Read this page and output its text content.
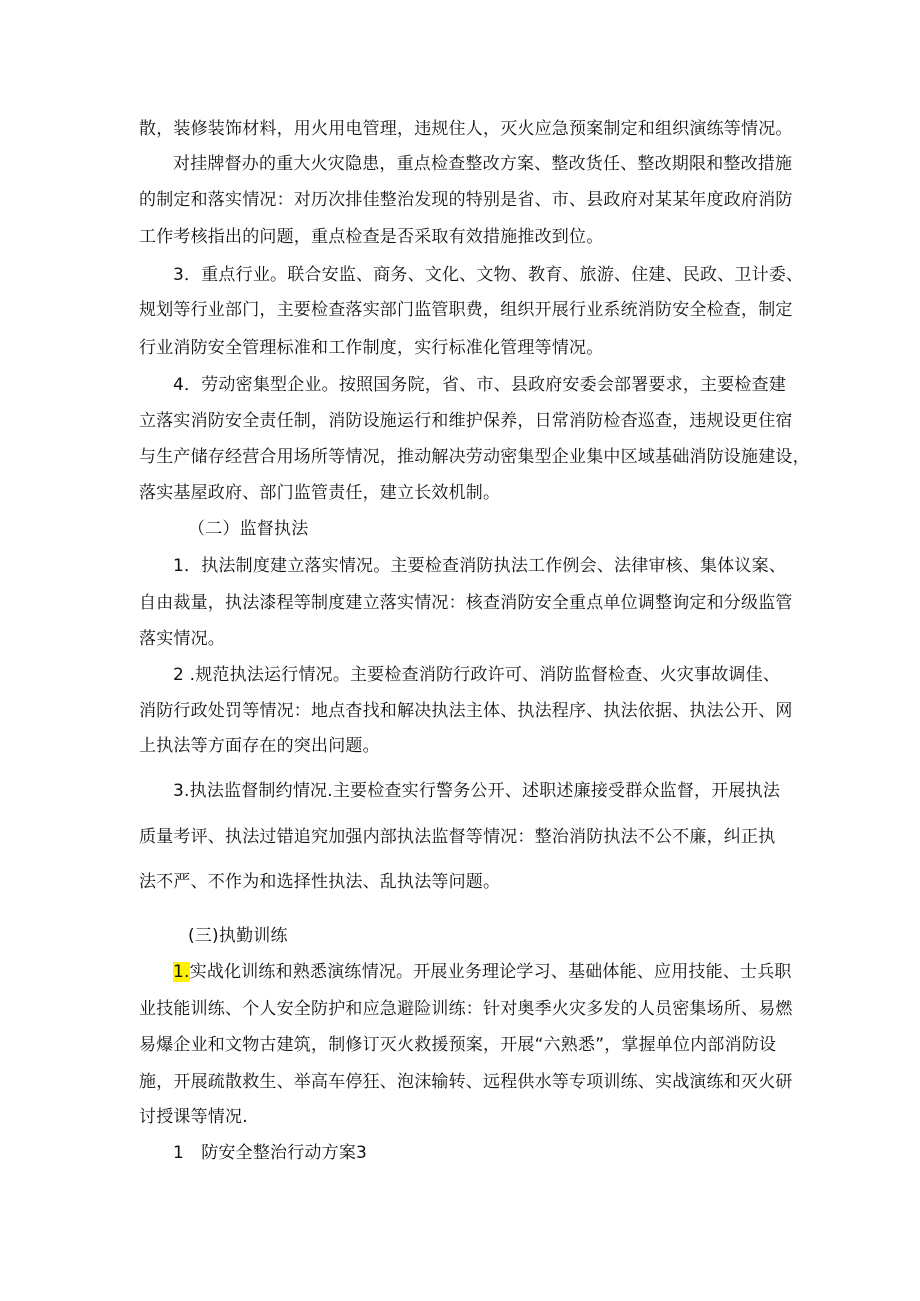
散，装修装饰材料，用火用电管理，违规住人，灭火应急预案制定和组织演练等情况。
对挂牌督办的重大火灾隐患，重点检查整改方案、整改货任、整改期限和整改措施
的制定和落实情况：对历次排佳整治发现的特别是省、市、县政府对某某年度政府消防
工作考核指出的问题，重点检查是否采取有效措施推改到位。
3．重点行业。联合安监、商务、文化、文物、教育、旅游、住建、民政、卫计委、
规划等行业部门，主要检查落实部门监管职费，组织开展行业系统消防安全检查，制定
行业消防安全管理标准和工作制度，实行标准化管理等情况。
4．劳动密集型企业。按照国务院，省、市、县政府安委会部署要求，主要检查建
立落实消防安全责任制，消防设施运行和维护保养，日常消防检杳巡查，违规设更住宿
与生产储存经营合用场所等情况，推动解决劳动密集型企业集中区域基础消防设施建设，
落实基屋政府、部门监管责任，建立长效机制。
（二）监督执法
1．执法制度建立落实情况。主要检查消防执法工作例会、法律审核、集体议案、
自由裁量，执法漆程等制度建立落实情况：核查消防安全重点单位调整询定和分级监管
落实情况。
2 .规范执法运行情况。主要检查消防行政许可、消防监督检查、火灾事故调佳、
消防行政处罚等情况：地点杳找和解决执法主体、执法程序、执法依据、执法公开、网
上执法等方面存在的突出问题。
3.执法监督制约情况.主要检查实行警务公开、述职述廉接受群众监督，开展执法
质量考评、执法过错追究加强内部执法监督等情况：整治消防执法不公不廉，纠正执
法不严、不作为和选择性执法、乱执法等问题。
(三)执勤训练
1.实战化训练和熟悉演练情况。开展业务理论学习、基础体能、应用技能、士兵职
业技能训练、个人安全防护和应急避险训练：针对奥季火灾多发的人员密集场所、易燃
易爆企业和文物古建筑，制修订灭火救援预案，开展“六熟悉”，掌握单位内部消防设
施，开展疏散救生、举高车停狂、泡沫输转、远程供水等专项训练、实战演练和灭火研
讨授课等情况.
1　防安全整治行动方案3
